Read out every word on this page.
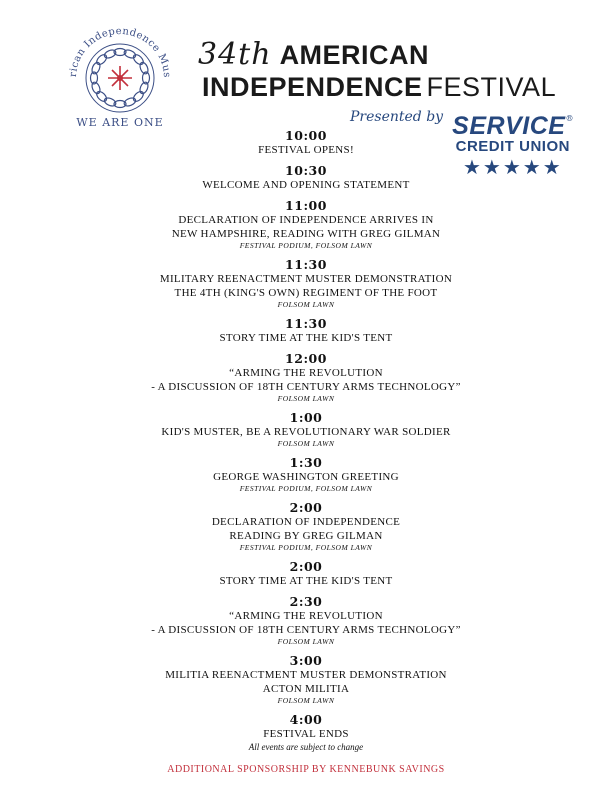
rican Independence Mus
WE ARE ONE
34th AMERICAN
INDEPENDENCE FESTIVAL
Presented by SERVICE®
CREDIT UNION
★★★★★
10:00
FESTIVAL OPENS!
10:30
WELCOME AND OPENING STATEMENT
11:00
DECLARATION OF INDEPENDENCE ARRIVES IN
NEW HAMPSHIRE, READING WITH GREG GILMAN
FESTIVAL PODIUM, FOLSOM LAWN
11:30
MILITARY REENACTMENT MUSTER DEMONSTRATION
THE 4TH (KING'S OWN) REGIMENT OF THE FOOT
FOLSOM LAWN
11:30
STORY TIME AT THE KID'S TENT
12:00
“ARMING THE REVOLUTION
- A DISCUSSION OF 18TH CENTURY ARMS TECHNOLOGY”
FOLSOM LAWN
1:00
KID'S MUSTER, BE A REVOLUTIONARY WAR SOLDIER
FOLSOM LAWN
1:30
GEORGE WASHINGTON GREETING
FESTIVAL PODIUM, FOLSOM LAWN
2:00
DECLARATION OF INDEPENDENCE
READING BY GREG GILMAN
FESTIVAL PODIUM, FOLSOM LAWN
2:00
STORY TIME AT THE KID'S TENT
2:30
“ARMING THE REVOLUTION
- A DISCUSSION OF 18TH CENTURY ARMS TECHNOLOGY”
FOLSOM LAWN
3:00
MILITIA REENACTMENT MUSTER DEMONSTRATION
ACTON MILITIA
FOLSOM LAWN
4:00
FESTIVAL ENDS
All events are subject to change
ADDITIONAL SPONSORSHIP BY KENNEBUNK SAVINGS
